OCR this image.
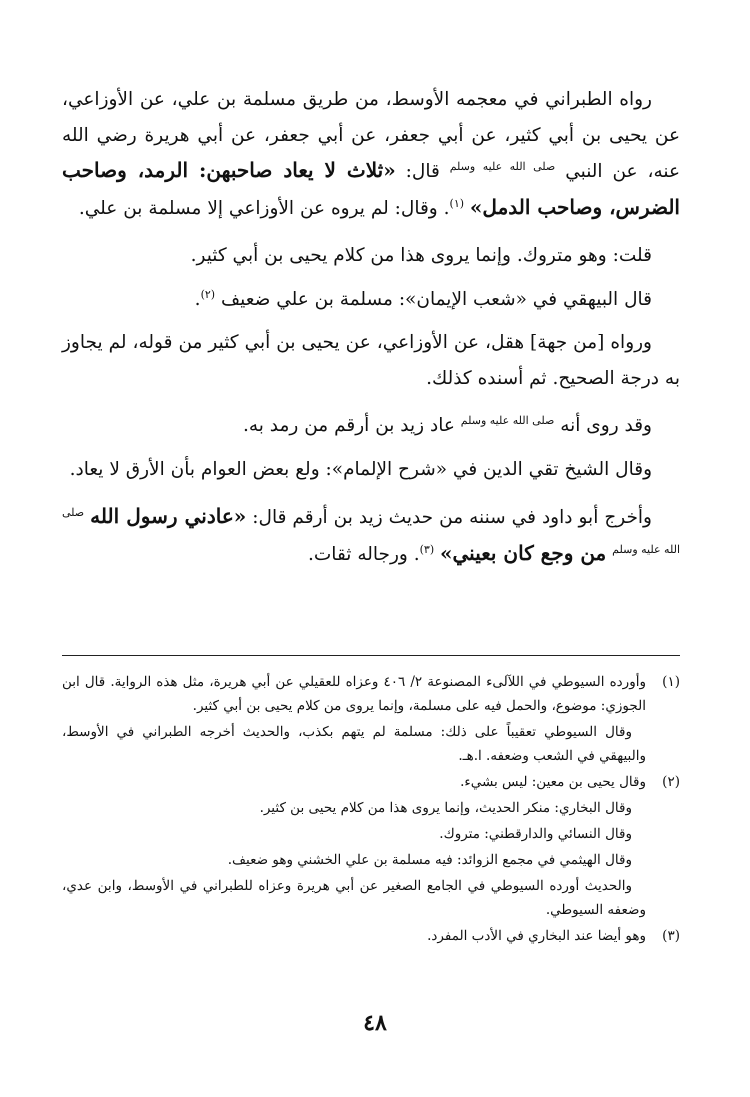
رواه الطبراني في معجمه الأوسط، من طريق مسلمة بن علي، عن الأوزاعي، عن يحيى بن أبي كثير، عن أبي جعفر، عن أبي جعفر، عن أبي هريرة رضي الله عنه، عن النبي $^{صلى الله عليه وسلم}$ قال: «ثلاث لا يعاد صاحبهن: الرمد، وصاحب الضرس، وصاحب الدمل» $^{(١)}$. وقال: لم يروه عن الأوزاعي إلا مسلمة بن علي.

قلت: وهو متروك. وإنما يروى هذا من كلام يحيى بن أبي كثير.

قال البيهقي في «شعب الإيمان»: مسلمة بن علي ضعيف $^{(٢)}$.

ورواه [من جهة] هقل، عن الأوزاعي، عن يحيى بن أبي كثير من قوله، لم يجاوز به درجة الصحيح. ثم أسنده كذلك.

وقد روى أنه $^{صلى الله عليه وسلم}$ عاد زيد بن أرقم من رمد به.

وقال الشيخ تقي الدين في «شرح الإلمام»: ولع بعض العوام بأن الأرق لا يعاد.

وأخرج أبو داود في سننه من حديث زيد بن أرقم قال: «عادني رسول الله $^{صلى الله عليه وسلم}$ من وجع كان بعيني» $^{(٣)}$. ورجاله ثقات.

(١)
وأورده السيوطي في اللآلىء المصنوعة ٢/ ٤٠٦ وعزاه للعقيلي عن أبي هريرة، مثل هذه الرواية. قال ابن الجوزي: موضوع، والحمل فيه على مسلمة، وإنما يروى من كلام يحيى بن أبي كثير.

وقال السيوطي تعقيباً على ذلك: مسلمة لم يتهم بكذب، والحديث أخرجه الطبراني في الأوسط، والبيهقي في الشعب وضعفه. ا.هـ.

(٢)
وقال يحيى بن معين: ليس بشيء.

وقال البخاري: منكر الحديث، وإنما يروى هذا من كلام يحيى بن كثير.

وقال النسائي والدارقطني: متروك.

وقال الهيثمي في مجمع الزوائد: فيه مسلمة بن علي الخشني وهو ضعيف.

والحديث أورده السيوطي في الجامع الصغير عن أبي هريرة وعزاه للطبراني في الأوسط، وابن عدي، وضعفه السيوطي.

(٣)
وهو أيضا عند البخاري في الأدب المفرد.
٤٨
